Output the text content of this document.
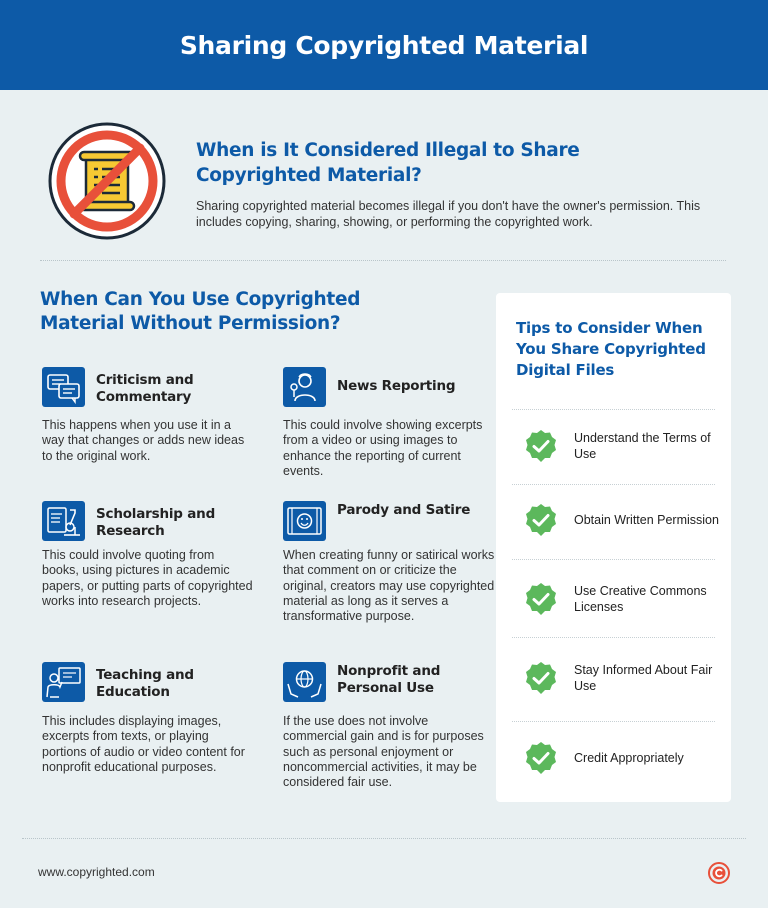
Sharing Copyrighted Material
When is It Considered Illegal to Share Copyrighted Material?
Sharing copyrighted material becomes illegal if you don't have the owner's permission. This includes copying, sharing, showing, or performing the copyrighted work.
When Can You Use Copyrighted Material Without Permission?
Criticism and Commentary
This happens when you use it in a way that changes or adds new ideas to the original work.
News Reporting
This could involve showing excerpts from a video or using images to enhance the reporting of current events.
Scholarship and Research
This could involve quoting from books, using pictures in academic papers, or putting parts of copyrighted works into research projects.
Parody and Satire
When creating funny or satirical works that comment on or criticize the original, creators may use copyrighted material as long as it serves a transformative purpose.
Teaching and Education
This includes displaying images, excerpts from texts, or playing portions of audio or video content for nonprofit educational purposes.
Nonprofit and Personal Use
If the use does not involve commercial gain and is for purposes such as personal enjoyment or noncommercial activities, it may be considered fair use.
Tips to Consider When You Share Copyrighted Digital Files
Understand the Terms of Use
Obtain Written Permission
Use Creative Commons Licenses
Stay Informed About Fair Use
Credit Appropriately
www.copyrighted.com
